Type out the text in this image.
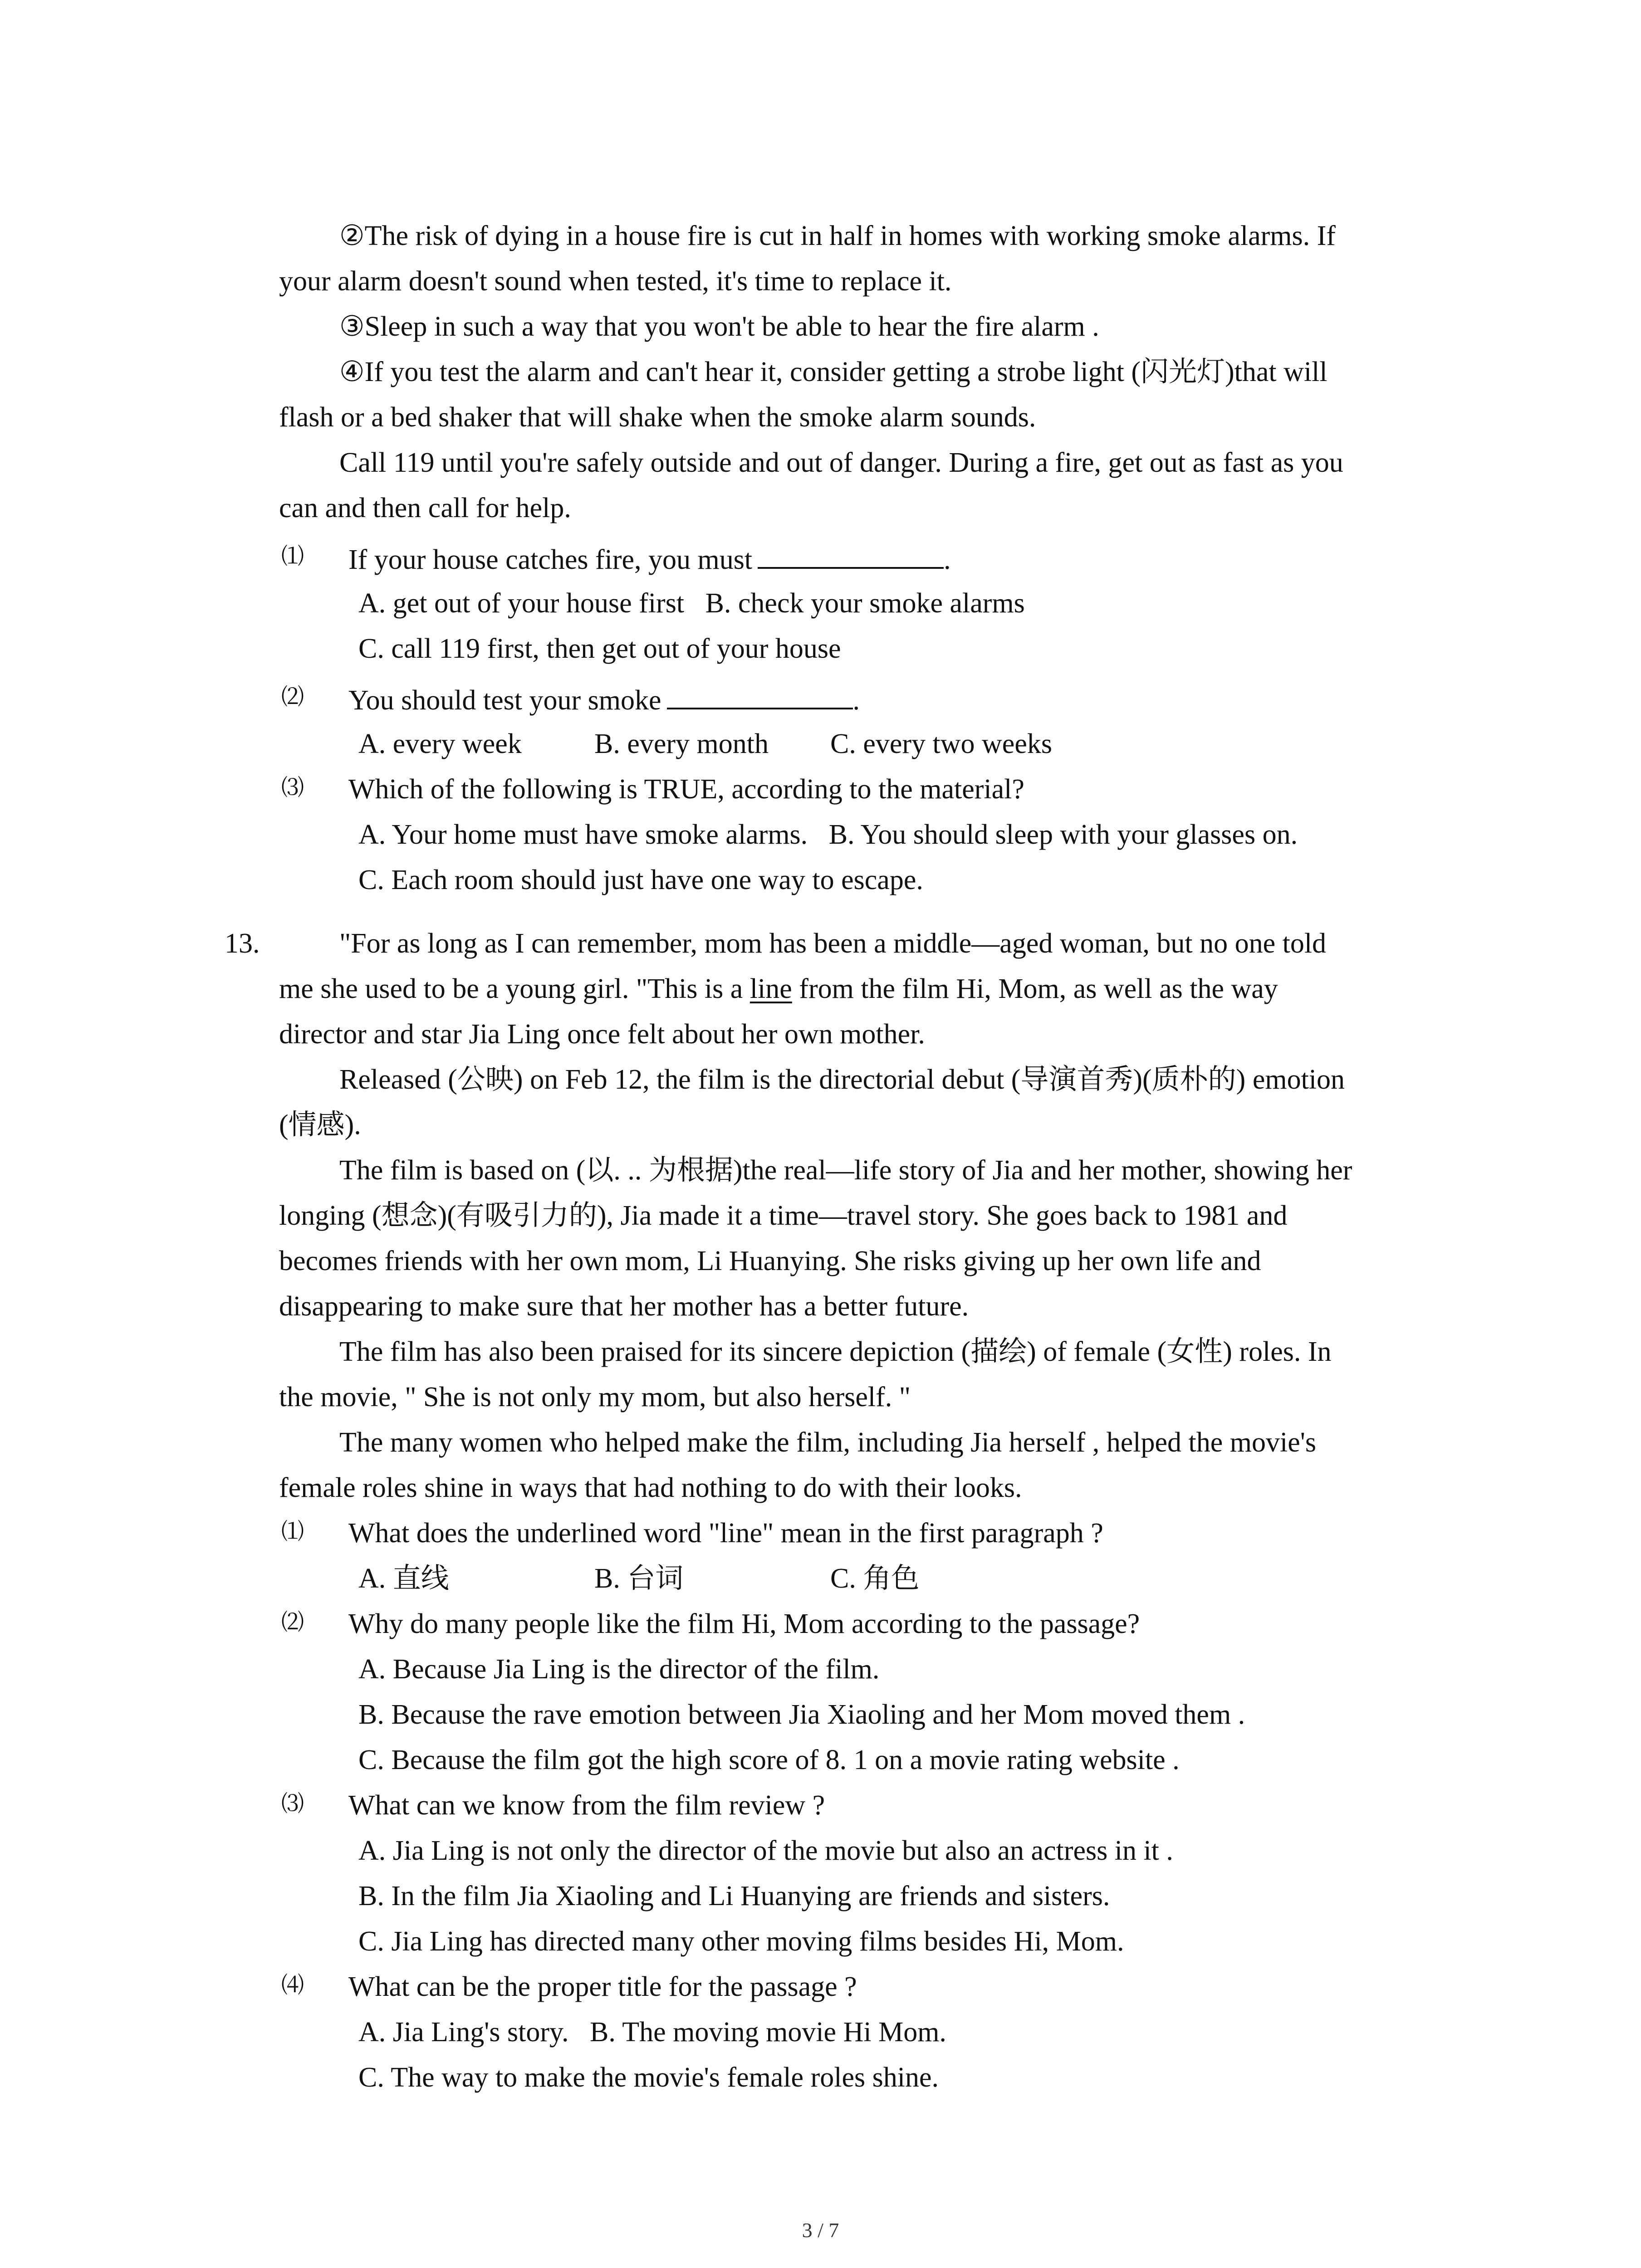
②The risk of dying in a house fire is cut in half in homes with working smoke alarms. If
your alarm doesn't sound when tested, it's time to replace it.
③Sleep in such a way that you won't be able to hear the fire alarm .
④If you test the alarm and can't hear it, consider getting a strobe light (闪光灯)that will
flash or a bed shaker that will shake when the smoke alarm sounds.
Call 119 until you're safely outside and out of danger. During a fire, get out as fast as you
can and then call for help.
⑴ If your house catches fire, you must	.
A. get out of your house first B. check your smoke alarms
C. call 119 first, then get out of your house
⑵ You should test your smoke	.
A. every week	B. every month C. every two weeks
⑶ Which of the following is TRUE, according to the material?
A. Your home must have smoke alarms. B. You should sleep with your glasses on.
C. Each room should just have one way to escape.
13.	"For as long as I can remember, mom has been a middle—aged woman, but no one told
me she used to be a young girl. "This is a line from the film Hi, Mom, as well as the way
director and star Jia Ling once felt about her own mother.
Released (公映) on Feb 12, the film is the directorial debut (导演首秀)(质朴的) emotion
(情感).
The film is based on (以. .. 为根据)the real—life story of Jia and her mother, showing her
longing (想念)(有吸引力的), Jia made it a time—travel story. She goes back to 1981 and
becomes friends with her own mom, Li Huanying. She risks giving up her own life and
disappearing to make sure that her mother has a better future.
The film has also been praised for its sincere depiction (描绘) of female (女性) roles. In
the movie, " She is not only my mom, but also herself. "
The many women who helped make the film, including Jia herself , helped the movie's
female roles shine in ways that had nothing to do with their looks.
⑴ What does the underlined word "line" mean in the first paragraph ?
A. 直线	B. 台词	C. 角色
⑵ Why do many people like the film Hi, Mom according to the passage?
A. Because Jia Ling is the director of the film.
B. Because the rave emotion between Jia Xiaoling and her Mom moved them .
C. Because the film got the high score of 8. 1 on a movie rating website .
⑶ What can we know from the film review ?
A. Jia Ling is not only the director of the movie but also an actress in it .
B. In the film Jia Xiaoling and Li Huanying are friends and sisters.
C. Jia Ling has directed many other moving films besides Hi, Mom.
⑷ What can be the proper title for the passage ?
A. Jia Ling's story. B. The moving movie Hi Mom.
C. The way to make the movie's female roles shine.
3 / 7
